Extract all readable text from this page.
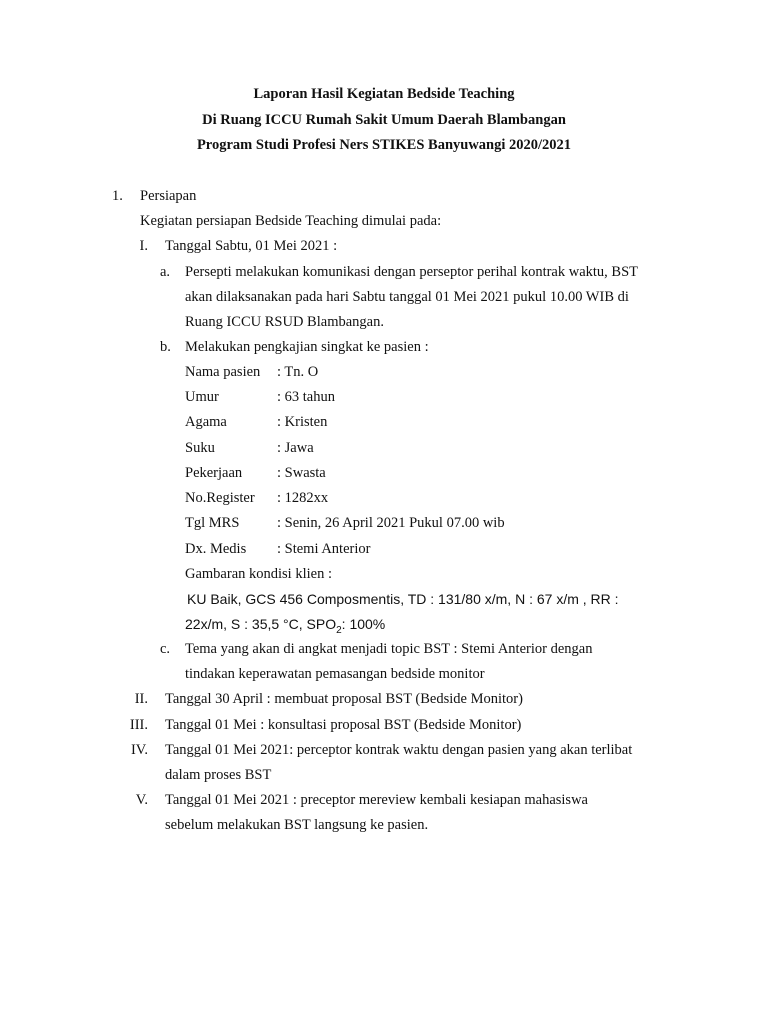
Laporan Hasil Kegiatan Bedside Teaching
Di Ruang ICCU Rumah Sakit Umum Daerah Blambangan
Program Studi Profesi Ners STIKES Banyuwangi 2020/2021
1.	Persiapan
Kegiatan persiapan Bedside Teaching dimulai pada:
I. Tanggal Sabtu, 01 Mei 2021 :
a. Persepti melakukan komunikasi dengan perseptor perihal kontrak waktu, BST
akan dilaksanakan pada hari Sabtu tanggal 01 Mei 2021 pukul 10.00 WIB di
Ruang ICCU RSUD Blambangan.
b. Melakukan pengkajian singkat ke pasien :
Nama pasien : Tn. O
Umur	: 63 tahun
Agama	: Kristen
Suku	: Jawa
Pekerjaan : Swasta
No.Register : 1282xx
Tgl MRS	: Senin, 26 April 2021 Pukul 07.00 wib
Dx. Medis : Stemi Anterior
Gambaran kondisi klien :
KU Baik, GCS 456 Composmentis, TD : 131/80 x/m, N : 67 x/m , RR :
22x/m, S : 35,5 °C, $SPO_2$: 100%
c. Tema yang akan di angkat menjadi topic BST : Stemi Anterior dengan
tindakan keperawatan pemasangan bedside monitor
II. Tanggal 30 April : membuat proposal BST (Bedside Monitor)
III. Tanggal 01 Mei : konsultasi proposal BST (Bedside Monitor)
IV. Tanggal 01 Mei 2021: perceptor kontrak waktu dengan pasien yang akan terlibat
dalam proses BST
V. Tanggal 01 Mei 2021 : preceptor mereview kembali kesiapan mahasiswa
sebelum melakukan BST langsung ke pasien.
